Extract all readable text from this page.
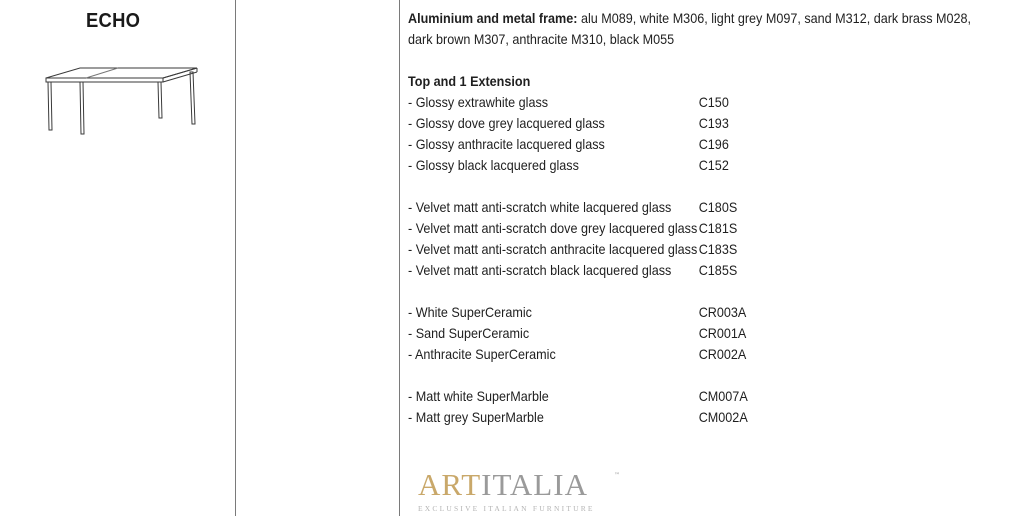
ECHO	Aluminium and metal frame: alu M089, white M306, light grey M097, sand M312, dark brass M028,
dark brown M307, anthracite M310, black M055
Top and 1 Extension
- Glossy extrawhite glass	C150
- Glossy dove grey lacquered glass	C193
- Glossy anthracite lacquered glass	C196
- Glossy black lacquered glass	C152
- Velvet matt anti-scratch white lacquered glass	C180S
- Velvet matt anti-scratch dove grey lacquered glass C181S
- Velvet matt anti-scratch anthracite lacquered glass C183S
- Velvet matt anti-scratch black lacquered glass	C185S
- White SuperCeramic	CR003A
- Sand SuperCeramic	CR001A
- Anthracite SuperCeramic	CR002A
- Matt white SuperMarble	CM007A
- Matt grey SuperMarble	CM002A
ARTITALIA	™
EXCLUSIVE ITALIAN FURNITURE
